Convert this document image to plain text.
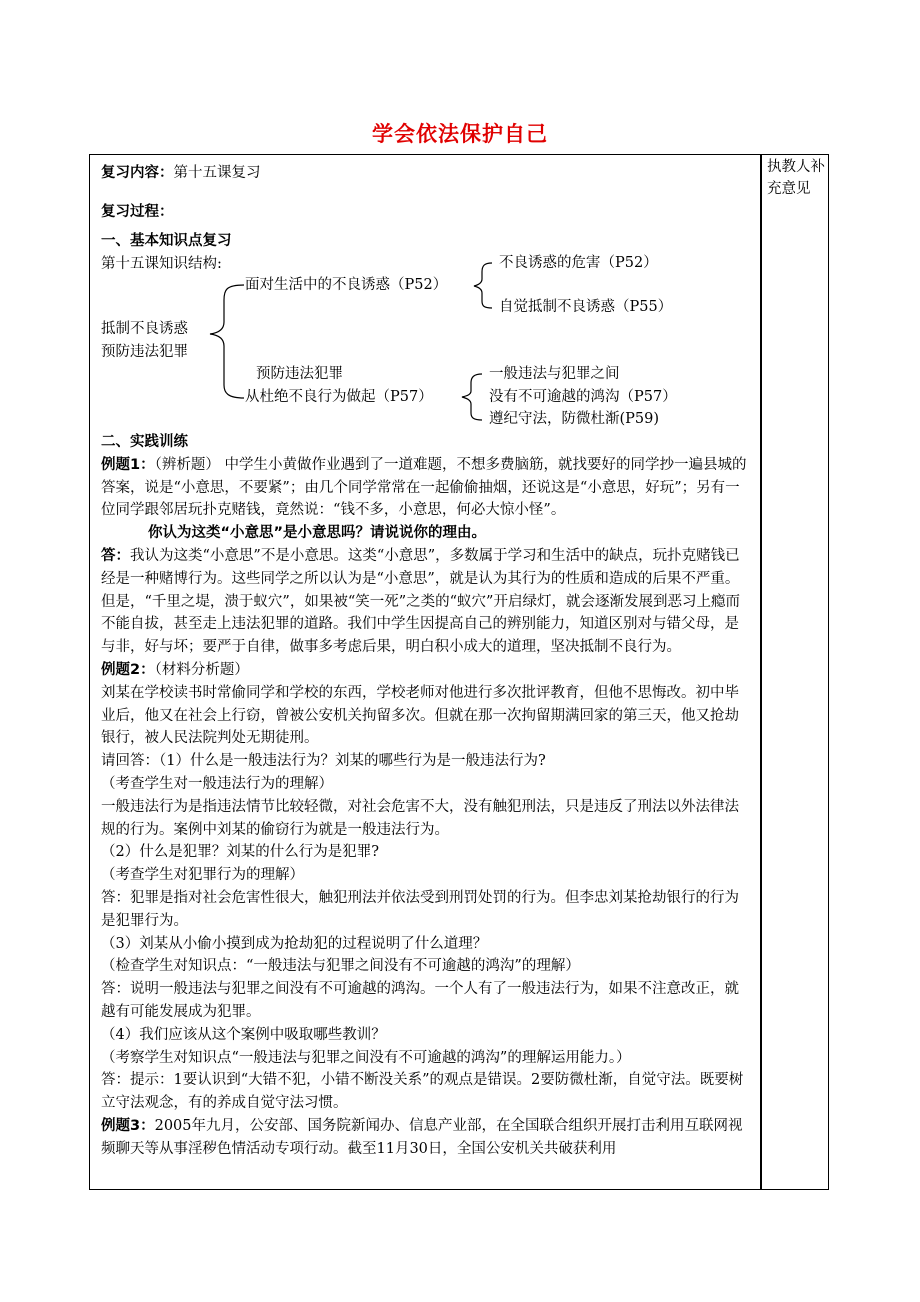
学会依法保护自己
执教人补充意见

复习内容：第十五课复习

复习过程：

一、基本知识点复习

第十五课知识结构:

抵制不良诱惑
预防违法犯罪
面对生活中的不良诱惑（P52）
不良诱惑的危害（P52）
自觉抵制不良诱惑（P55）
预防违法犯罪
从杜绝不良行为做起（P57）
一般违法与犯罪之间
没有不可逾越的鸿沟（P57）
遵纪守法，防微杜渐(P59)

二、实践训练

例题1：（辨析题） 中学生小黄做作业遇到了一道难题，不想多费脑筋，就找要好的同学抄一遍县城的答案，说是“小意思，不要紧”；由几个同学常常在一起偷偷抽烟，还说这是“小意思，好玩”；另有一位同学跟邻居玩扑克赌钱，竟然说：“钱不多，小意思，何必大惊小怪”。

你认为这类“小意思”是小意思吗？请说说你的理由。

答：我认为这类“小意思”不是小意思。这类“小意思”，多数属于学习和生活中的缺点，玩扑克赌钱已经是一种赌博行为。这些同学之所以认为是“小意思”，就是认为其行为的性质和造成的后果不严重。但是，“千里之堤，溃于蚁穴”，如果被“笑一死”之类的“蚁穴”开启绿灯，就会逐渐发展到恶习上瘾而不能自拔，甚至走上违法犯罪的道路。我们中学生因提高自己的辨别能力，知道区别对与错父母，是与非，好与坏；要严于自律，做事多考虑后果，明白积小成大的道理，坚决抵制不良行为。

例题2：（材料分析题）

刘某在学校读书时常偷同学和学校的东西，学校老师对他进行多次批评教育，但他不思悔改。初中毕业后，他又在社会上行窃，曾被公安机关拘留多次。但就在那一次拘留期满回家的第三天，他又抢劫银行，被人民法院判处无期徒刑。

请回答：（1）什么是一般违法行为？刘某的哪些行为是一般违法行为?

（考查学生对一般违法行为的理解）

一般违法行为是指违法情节比较轻微，对社会危害不大，没有触犯刑法，只是违反了刑法以外法律法规的行为。案例中刘某的偷窃行为就是一般违法行为。

（2）什么是犯罪？刘某的什么行为是犯罪?

（考查学生对犯罪行为的理解）

答：犯罪是指对社会危害性很大，触犯刑法并依法受到刑罚处罚的行为。但李忠刘某抢劫银行的行为是犯罪行为。

（3）刘某从小偷小摸到成为抢劫犯的过程说明了什么道理？

（检查学生对知识点：“一般违法与犯罪之间没有不可逾越的鸿沟”的理解）

答：说明一般违法与犯罪之间没有不可逾越的鸿沟。一个人有了一般违法行为，如果不注意改正，就越有可能发展成为犯罪。

（4）我们应该从这个案例中吸取哪些教训？

（考察学生对知识点“一般违法与犯罪之间没有不可逾越的鸿沟”的理解运用能力。）

答：提示：1要认识到“大错不犯，小错不断没关系”的观点是错误。2要防微杜渐，自觉守法。既要树立守法观念，有的养成自觉守法习惯。

例题3：2005年九月，公安部、国务院新闻办、信息产业部，在全国联合组织开展打击利用互联网视频聊天等从事淫秽色情活动专项行动。截至11月30日，全国公安机关共破获利用
